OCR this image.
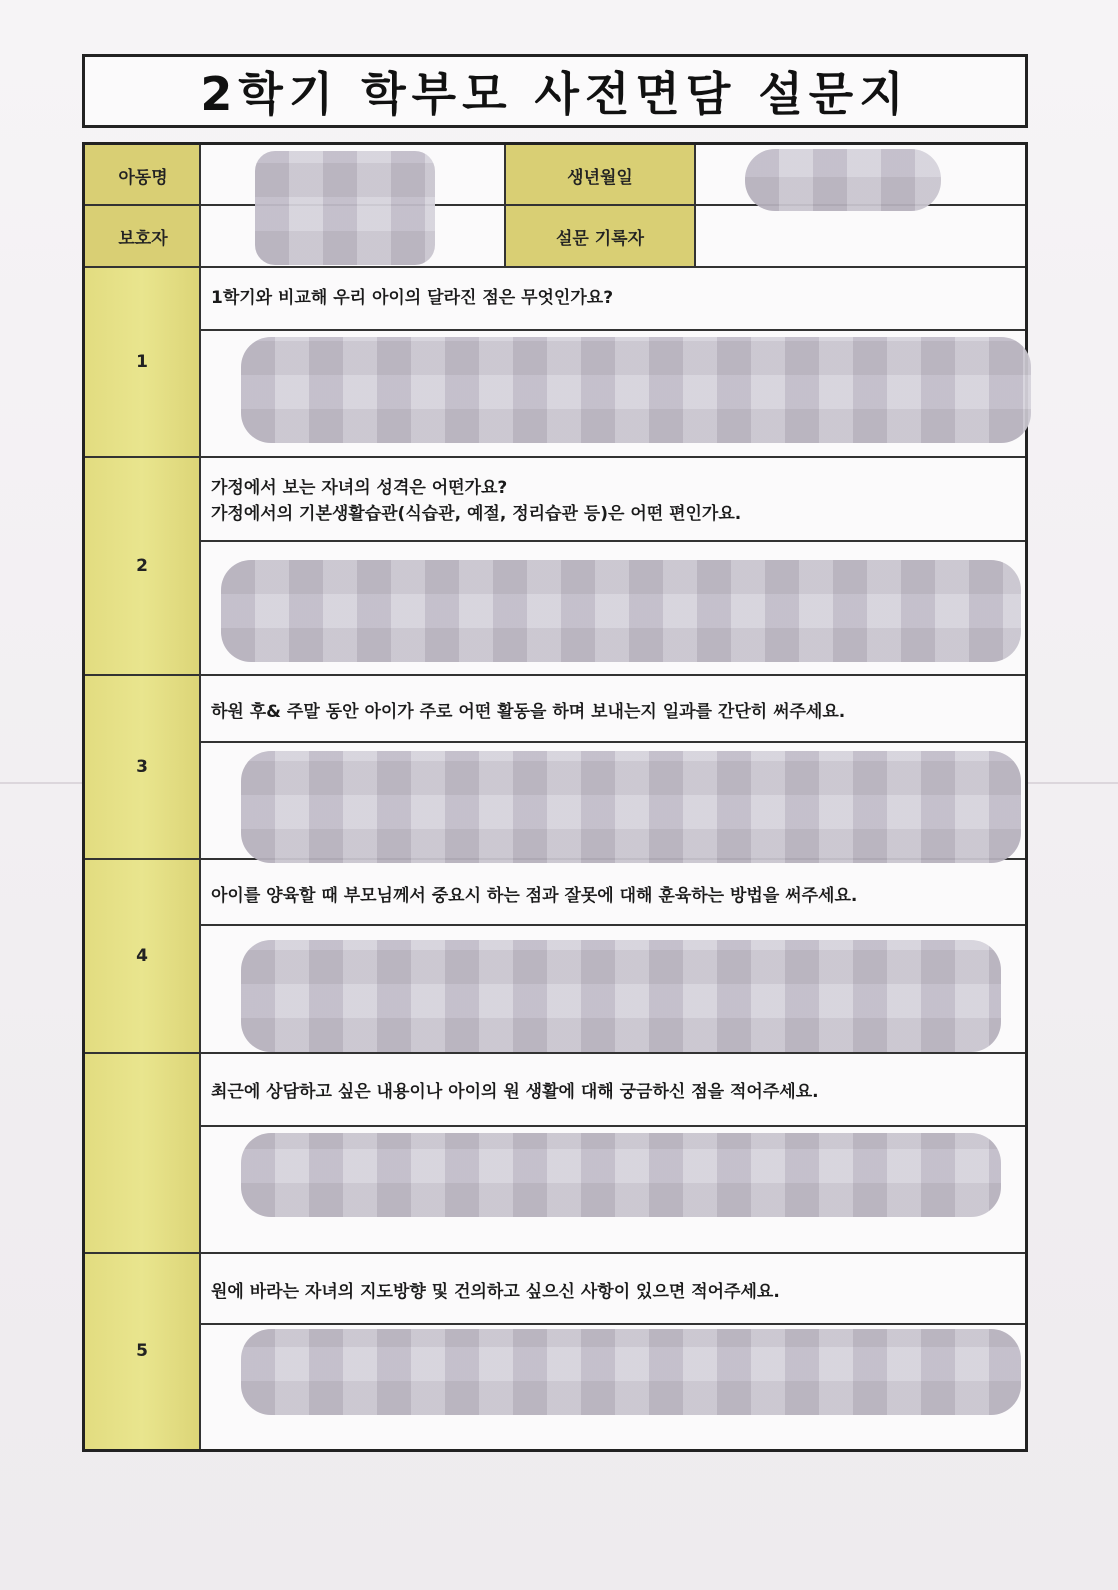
2학기 학부모 사전면담 설문지
아동명
보호자
생년월일
설문 기록자
1
2
3
4
5
1학기와 비교해 우리 아이의 달라진 점은 무엇인가요?
가정에서 보는 자녀의 성격은 어떤가요?
가정에서의 기본생활습관(식습관, 예절, 정리습관 등)은 어떤 편인가요.
하원 후& 주말 동안 아이가 주로 어떤 활동을 하며 보내는지 일과를 간단히 써주세요.
아이를 양육할 때 부모님께서 중요시 하는 점과 잘못에 대해 훈육하는 방법을 써주세요.
최근에 상담하고 싶은 내용이나 아이의 원 생활에 대해 궁금하신 점을 적어주세요.
원에 바라는 자녀의 지도방향 및 건의하고 싶으신 사항이 있으면 적어주세요.
